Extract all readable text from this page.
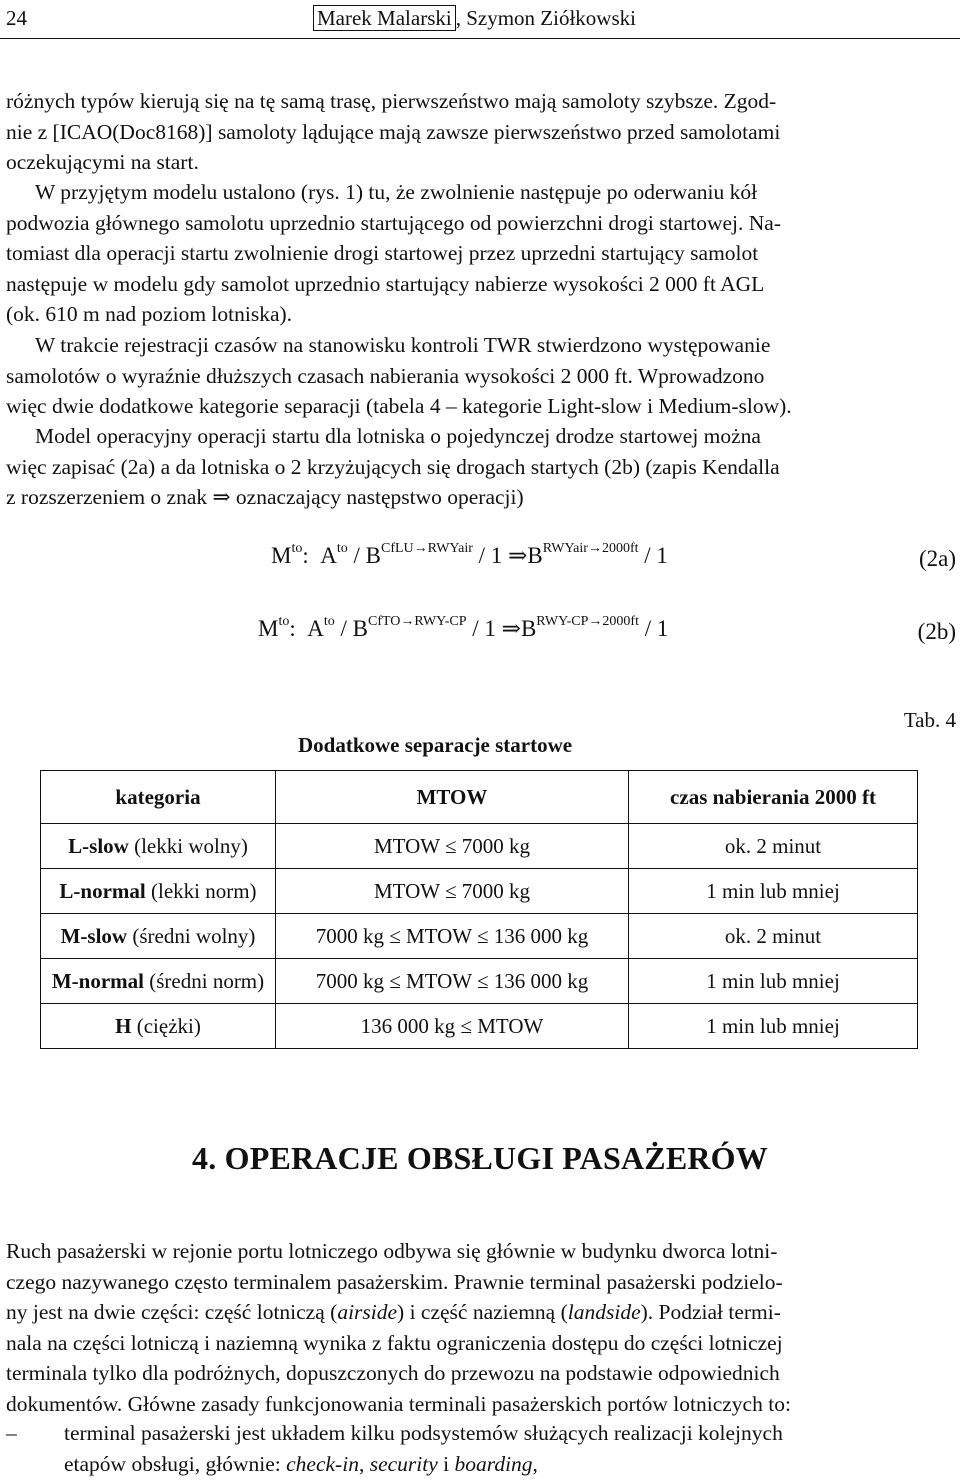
24	Marek Malarski , Szymon Ziółkowski

różnych typów kierują się na tę samą trasę, pierwszeństwo mają samoloty szybsze. Zgod-
nie z [ICAO(Doc8168)] samoloty lądujące mają zawsze pierwszeństwo przed samolotami
oczekującymi na start.

W przyjętym modelu ustalono (rys. 1) tu, że zwolnienie następuje po oderwaniu kół
podwozia głównego samolotu uprzednio startującego od powierzchni drogi startowej. Na-
tomiast dla operacji startu zwolnienie drogi startowej przez uprzedni startujący samolot
następuje w modelu gdy samolot uprzednio startujący nabierze wysokości 2 000 ft AGL
(ok. 610 m nad poziom lotniska).

W trakcie rejestracji czasów na stanowisku kontroli TWR stwierdzono występowanie
samolotów o wyraźnie dłuższych czasach nabierania wysokości 2 000 ft. Wprowadzono
więc dwie dodatkowe kategorie separacji (tabela 4 – kategorie Light-slow i Medium-slow).

Model operacyjny operacji startu dla lotniska o pojedynczej drodze startowej można
więc zapisać (2a) a da lotniska o 2 krzyżujących się drogach startych (2b) (zapis Kendalla
z rozszerzeniem o znak ⇒ oznaczający następstwo operacji)

$M^{to}$: $A^{to} / B^{CfLU\to RWYair} / 1$ $\Rightarrow B^{RWYair\to 2000ft} / 1$	(2a)
$M^{to}$: $A^{to} / B^{CfTO\to RWY-CP} / 1$ $\Rightarrow B^{RWY-CP\to 2000ft} / 1$	(2b)
Tab. 4
Dodatkowe separacje startowe
kategoria	MTOW	czas nabierania 2000 ft
L-slow (lekki wolny)	MTOW ≤ 7000 kg	ok. 2 minut
L-normal (lekki norm)	MTOW ≤ 7000 kg	1 min lub mniej
M-slow (średni wolny)	7000 kg ≤ MTOW ≤ 136 000 kg	ok. 2 minut
M-normal (średni norm)	7000 kg ≤ MTOW ≤ 136 000 kg	1 min lub mniej
H (ciężki)	136 000 kg ≤ MTOW	1 min lub mniej
4. OPERACJE OBSŁUGI PASAŻERÓW

Ruch pasażerski w rejonie portu lotniczego odbywa się głównie w budynku dworca lotni-
czego nazywanego często terminalem pasażerskim. Prawnie terminal pasażerski podzielo-
ny jest na dwie części: część lotniczą (airside) i część naziemną (landside). Podział termi-
nala na części lotniczą i naziemną wynika z faktu ograniczenia dostępu do części lotniczej
terminala tylko dla podróżnych, dopuszczonych do przewozu na podstawie odpowiednich
dokumentów. Główne zasady funkcjonowania terminali pasażerskich portów lotniczych to:

– terminal pasażerski jest układem kilku podsystemów służących realizacji kolejnych
etapów obsługi, głównie: check-in, security i boarding,
